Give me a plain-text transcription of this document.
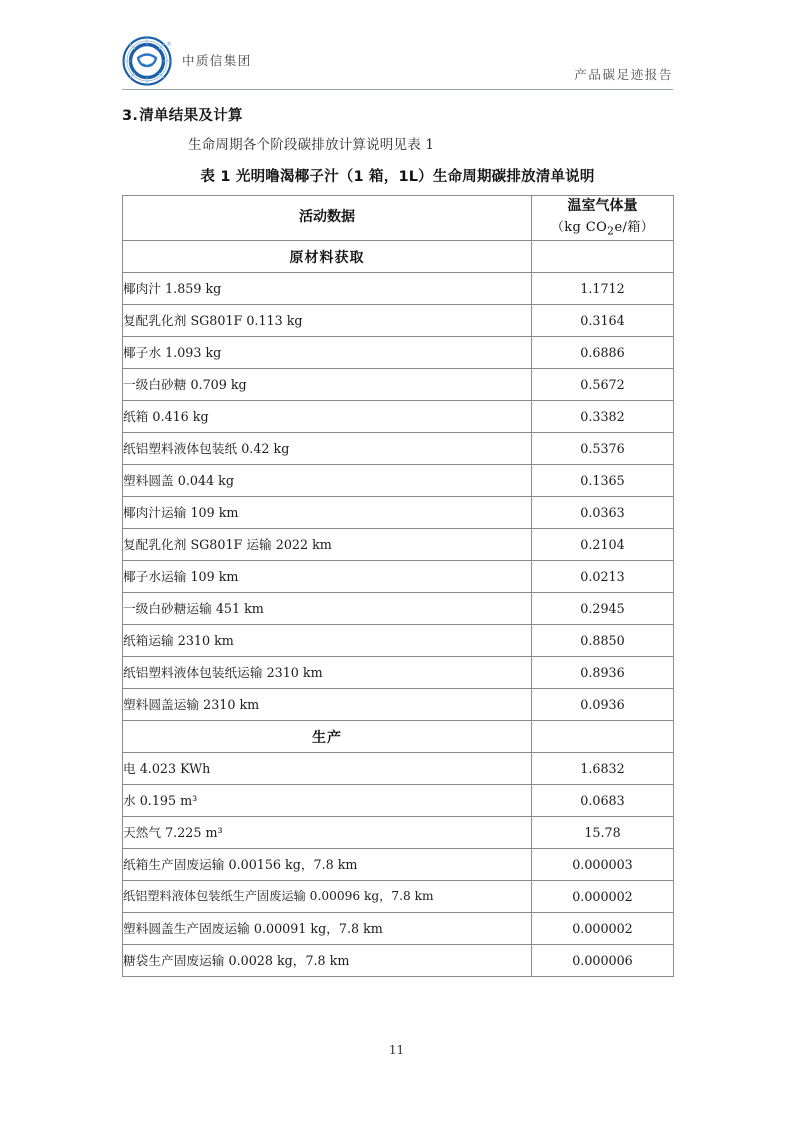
®
中质信集团
产品碳足迹报告
3.清单结果及计算

生命周期各个阶段碳排放计算说明见表 1

表 1 光明噜渴椰子汁（1 箱，1L）生命周期碳排放清单说明
活动数据	温室气体量
（kg $CO_2e/$箱）

原材料获取	
椰肉汁 1.859 kg	1.1712
复配乳化剂 SG801F 0.113 kg	0.3164
椰子水 1.093 kg	0.6886
一级白砂糖 0.709 kg	0.5672
纸箱 0.416 kg	0.3382
纸铝塑料液体包装纸 0.42 kg	0.5376
塑料圆盖 0.044 kg	0.1365
椰肉汁运输 109 km	0.0363
复配乳化剂 SG801F 运输 2022 km	0.2104
椰子水运输 109 km	0.0213
一级白砂糖运输 451 km	0.2945
纸箱运输 2310 km	0.8850
纸铝塑料液体包装纸运输 2310 km	0.8936
塑料圆盖运输 2310 km	0.0936
生产	
电 4.023 KWh	1.6832
水 0.195 m³	0.0683
天然气 7.225 m³	15.78
纸箱生产固废运输 0.00156 kg，7.8 km	0.000003
纸铝塑料液体包装纸生产固废运输 0.00096 kg，7.8 km	0.000002
塑料圆盖生产固废运输 0.00091 kg，7.8 km	0.000002
糖袋生产固废运输 0.0028 kg，7.8 km	0.000006
11
